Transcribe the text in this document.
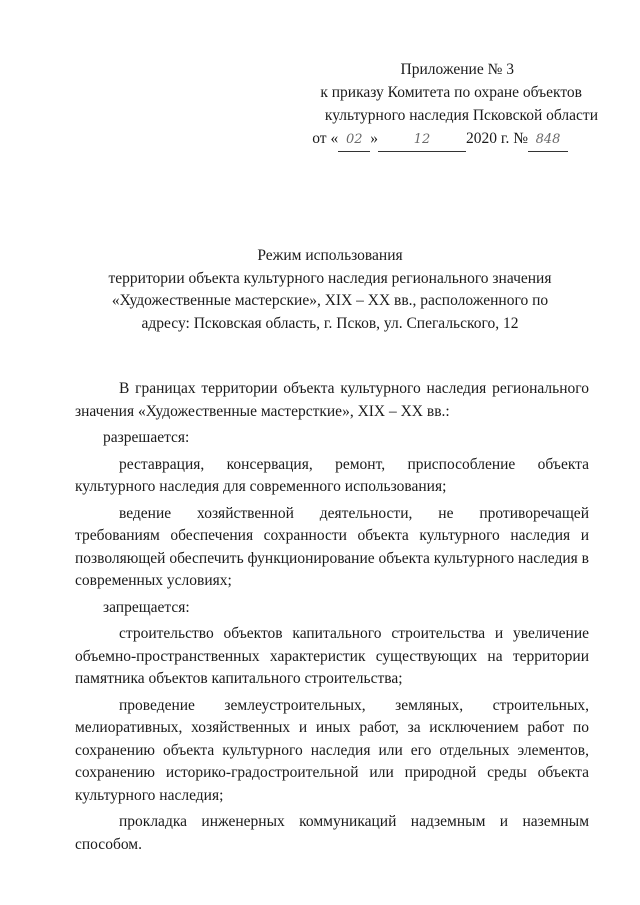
Приложение № 3
к приказу Комитета по охране объектов
культурного наследия Псковской области
от « 02 »	12 2020 г. № 848
Режим использования
территории объекта культурного наследия регионального значения
«Художественные мастерские», XIX – XX вв., расположенного по
адресу: Псковская область, г. Псков, ул. Спегальского, 12

В границах территории объекта культурного наследия регионального значения «Художественные мастерсткие», XIX – XX вв.:

разрешается:

реставрация, консервация, ремонт, приспособление объекта культурного наследия для современного использования;

ведение хозяйственной деятельности, не противоречащей требованиям обеспечения сохранности объекта культурного наследия и позволяющей обеспечить функционирование объекта культурного наследия в современных условиях;

запрещается:

строительство объектов капитального строительства и увеличение объемно-пространственных характеристик существующих на территории памятника объектов капитального строительства;

проведение землеустроительных, земляных, строительных, мелиоративных, хозяйственных и иных работ, за исключением работ по сохранению объекта культурного наследия или его отдельных элементов, сохранению историко-градостроительной или природной среды объекта культурного наследия;

прокладка инженерных коммуникаций надземным и наземным способом.
